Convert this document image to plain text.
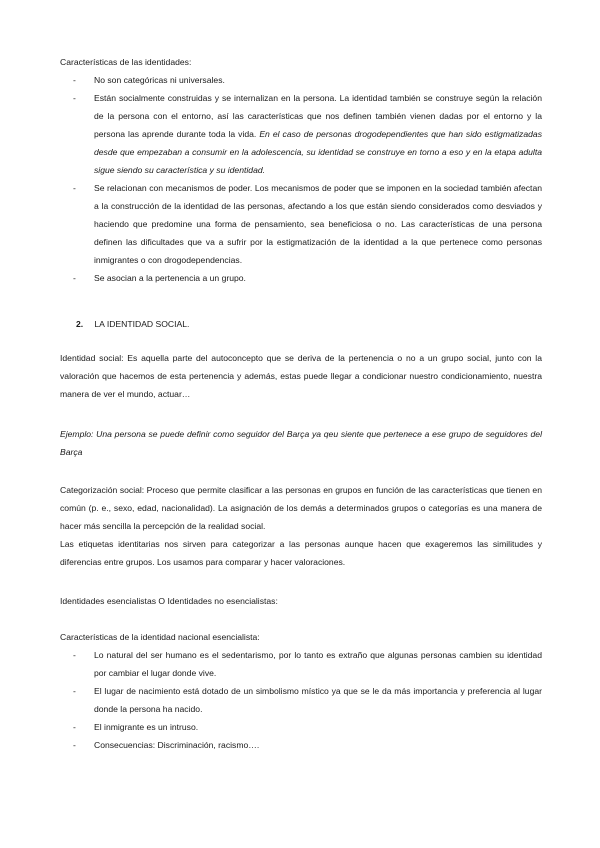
Características de las identidades:

- No son categóricas ni universales.
- Están socialmente construidas y se internalizan en la persona. La identidad también se construye según la relación de la persona con el entorno, así las características que nos definen también vienen dadas por el entorno y la persona las aprende durante toda la vida. En el caso de personas drogodependientes que han sido estigmatizadas desde que empezaban a consumir en la adolescencia, su identidad se construye en torno a eso y en la etapa adulta sigue siendo su característica y su identidad.
- Se relacionan con mecanismos de poder. Los mecanismos de poder que se imponen en la sociedad también afectan a la construcción de la identidad de las personas, afectando a los que están siendo considerados como desviados y haciendo que predomine una forma de pensamiento, sea beneficiosa o no. Las características de una persona definen las dificultades que va a sufrir por la estigmatización de la identidad a la que pertenece como personas inmigrantes o con drogodependencias.
- Se asocian a la pertenencia a un grupo.

2. LA IDENTIDAD SOCIAL.

Identidad social: Es aquella parte del autoconcepto que se deriva de la pertenencia o no a un grupo social, junto con la valoración que hacemos de esta pertenencia y además, estas puede llegar a condicionar nuestro condicionamiento, nuestra manera de ver el mundo, actuar…

Ejemplo: Una persona se puede definir como seguidor del Barça ya qeu siente que pertenece a ese grupo de seguidores del Barça

Categorización social: Proceso que permite clasificar a las personas en grupos en función de las características que tienen en común (p. e., sexo, edad, nacionalidad). La asignación de los demás a determinados grupos o categorías es una manera de hacer más sencilla la percepción de la realidad social.

Las etiquetas identitarias nos sirven para categorizar a las personas aunque hacen que exageremos las similitudes y diferencias entre grupos. Los usamos para comparar y hacer valoraciones.

Identidades esencialistas O Identidades no esencialistas:

Características de la identidad nacional esencialista:

- Lo natural del ser humano es el sedentarismo, por lo tanto es extraño que algunas personas cambien su identidad por cambiar el lugar donde vive.
- El lugar de nacimiento está dotado de un simbolismo místico ya que se le da más importancia y preferencia al lugar donde la persona ha nacido.
- El inmigrante es un intruso.
- Consecuencias: Discriminación, racismo….
